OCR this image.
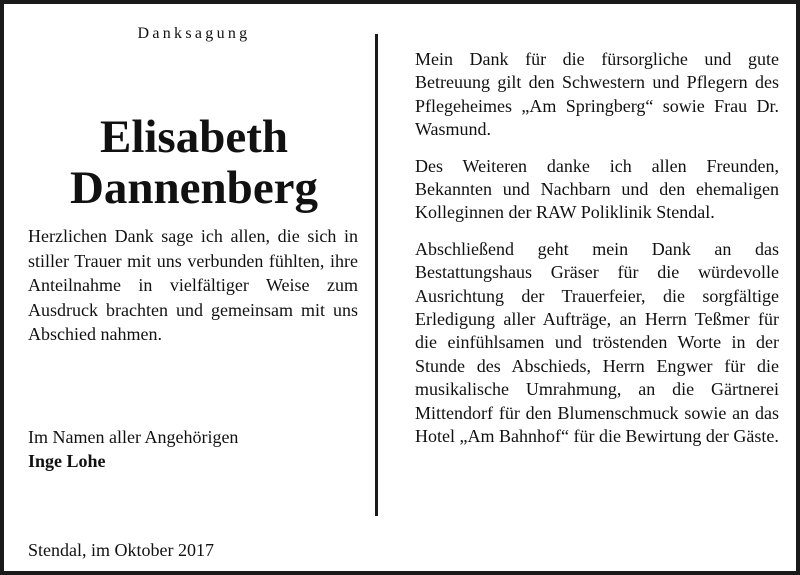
Danksagung

Elisabeth
Dannenberg

Herzlichen Dank sage ich allen, die sich in stiller Trauer mit uns verbunden fühlten, ihre Anteilnahme in vielfältiger Weise zum Ausdruck brachten und gemeinsam mit uns Abschied nahmen.

Im Namen aller Angehörigen
Inge Lohe
Stendal, im Oktober 2017

Mein Dank für die fürsorgliche und gute Betreuung gilt den Schwestern und Pflegern des Pflegeheimes „Am Springberg“ sowie Frau Dr. Wasmund.

Des Weiteren danke ich allen Freunden, Bekannten und Nachbarn und den ehemaligen Kolleginnen der RAW Poliklinik Stendal.

Abschließend geht mein Dank an das Bestattungshaus Gräser für die würdevolle Ausrichtung der Trauerfeier, die sorgfältige Erledigung aller Aufträge, an Herrn Teßmer für die einfühlsamen und tröstenden Worte in der Stunde des Abschieds, Herrn Engwer für die musikalische Umrahmung, an die Gärtnerei Mittendorf für den Blumenschmuck sowie an das Hotel „Am Bahnhof“ für die Bewirtung der Gäste.
